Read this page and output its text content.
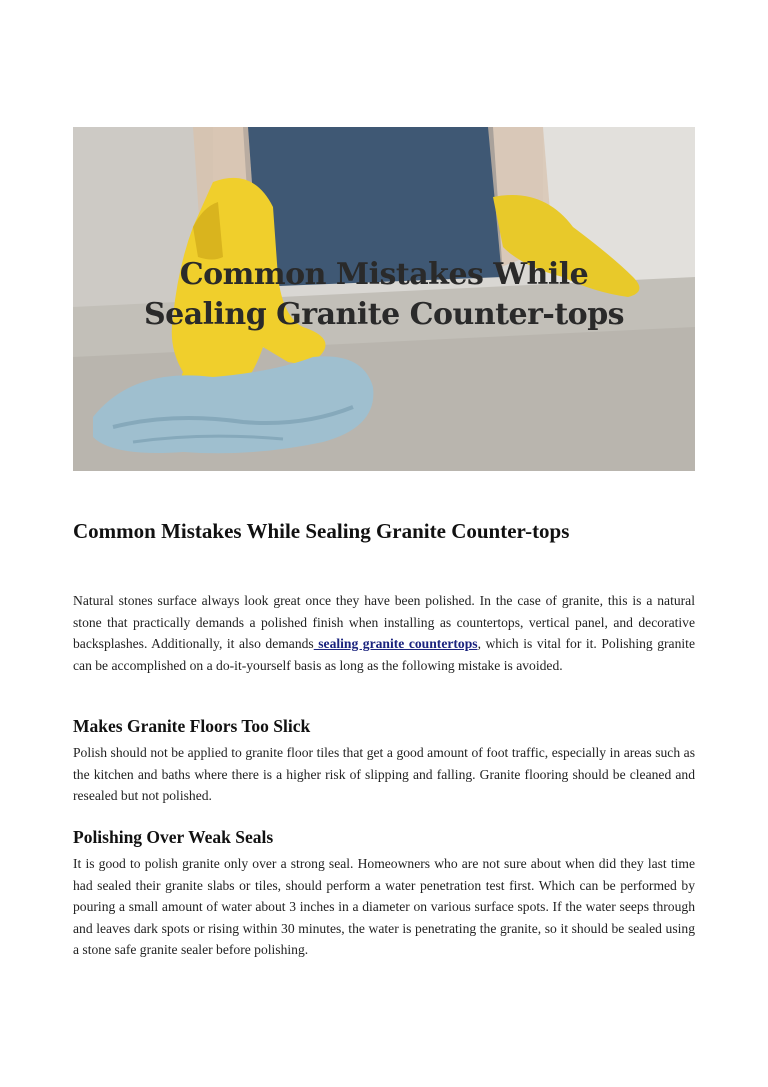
Common Mistakes While
Sealing Granite Counter-tops
Common Mistakes While Sealing Granite Counter-tops

Natural stones surface always look great once they have been polished. In the case of granite, this is a natural stone that practically demands a polished finish when installing as countertops, vertical panel, and decorative backsplashes. Additionally, it also demands sealing granite countertops, which is vital for it. Polishing granite can be accomplished on a do-it-yourself basis as long as the following mistake is avoided.

Makes Granite Floors Too Slick

Polish should not be applied to granite floor tiles that get a good amount of foot traffic, especially in areas such as the kitchen and baths where there is a higher risk of slipping and falling. Granite flooring should be cleaned and resealed but not polished.

Polishing Over Weak Seals

It is good to polish granite only over a strong seal. Homeowners who are not sure about when did they last time had sealed their granite slabs or tiles, should perform a water penetration test first. Which can be performed by pouring a small amount of water about 3 inches in a diameter on various surface spots. If the water seeps through and leaves dark spots or rising within 30 minutes, the water is penetrating the granite, so it should be sealed using a stone safe granite sealer before polishing.
